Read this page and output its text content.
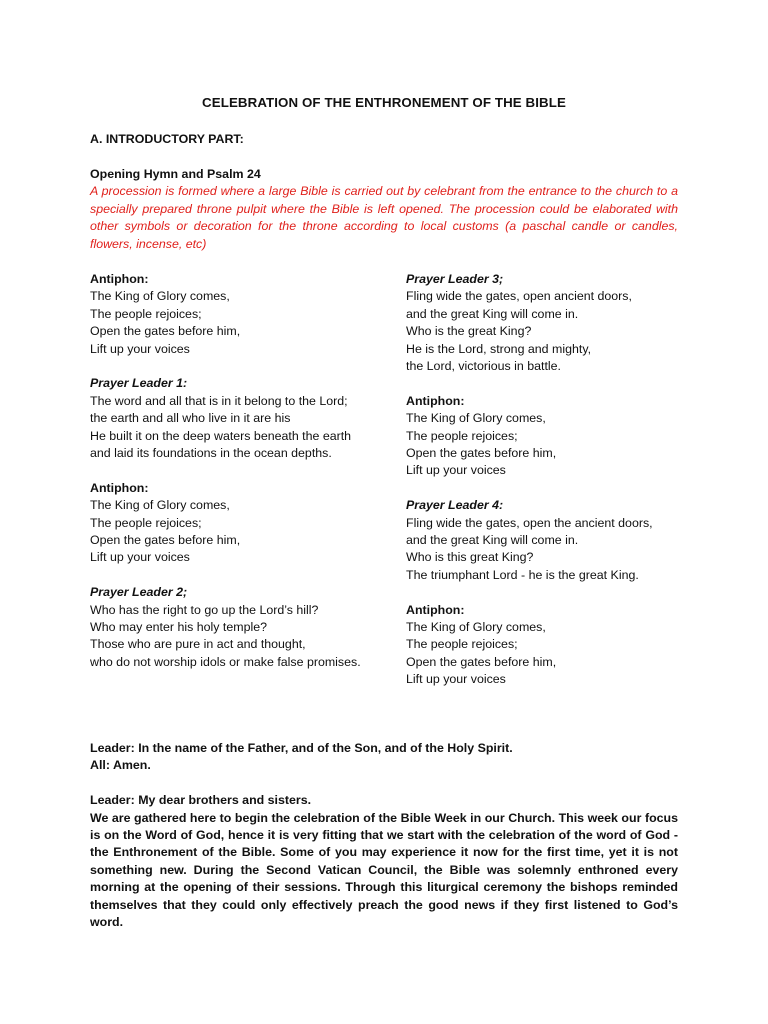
CELEBRATION OF THE ENTHRONEMENT OF THE BIBLE
A. INTRODUCTORY PART:
Opening Hymn and Psalm 24

A procession is formed where a large Bible is carried out by celebrant from the entrance to the church to a specially prepared throne pulpit where the Bible is left opened. The procession could be elaborated with other symbols or decoration for the throne according to local customs (a paschal candle or candles, flowers, incense, etc)

Antiphon:

The King of Glory comes,

The people rejoices;

Open the gates before him,

Lift up your voices

Prayer Leader 1:

The word and all that is in it belong to the Lord;

the earth and all who live in it are his

He built it on the deep waters beneath the earth

and laid its foundations in the ocean depths.

Antiphon:

The King of Glory comes,

The people rejoices;

Open the gates before him,

Lift up your voices

Prayer Leader 2;

Who has the right to go up the Lord’s hill?

Who may enter his holy temple?

Those who are pure in act and thought,

who do not worship idols or make false promises.

Prayer Leader 3;

Fling wide the gates, open ancient doors,

and the great King will come in.

Who is the great King?

He is the Lord, strong and mighty,

the Lord, victorious in battle.

Antiphon:

The King of Glory comes,

The people rejoices;

Open the gates before him,

Lift up your voices

Prayer Leader 4:

Fling wide the gates, open the ancient doors,

and the great King will come in.

Who is this great King?

The triumphant Lord - he is the great King.

Antiphon:

The King of Glory comes,

The people rejoices;

Open the gates before him,

Lift up your voices

Leader: In the name of the Father, and of the Son, and of the Holy Spirit.

All: Amen.

Leader: My dear brothers and sisters.

We are gathered here to begin the celebration of the Bible Week in our Church. This week our focus is on the Word of God, hence it is very fitting that we start with the celebration of the word of God - the Enthronement of the Bible. Some of you may experience it now for the first time, yet it is not something new. During the Second Vatican Council, the Bible was solemnly enthroned every morning at the opening of their sessions. Through this liturgical ceremony the bishops reminded themselves that they could only effectively preach the good news if they first listened to God’s word.
